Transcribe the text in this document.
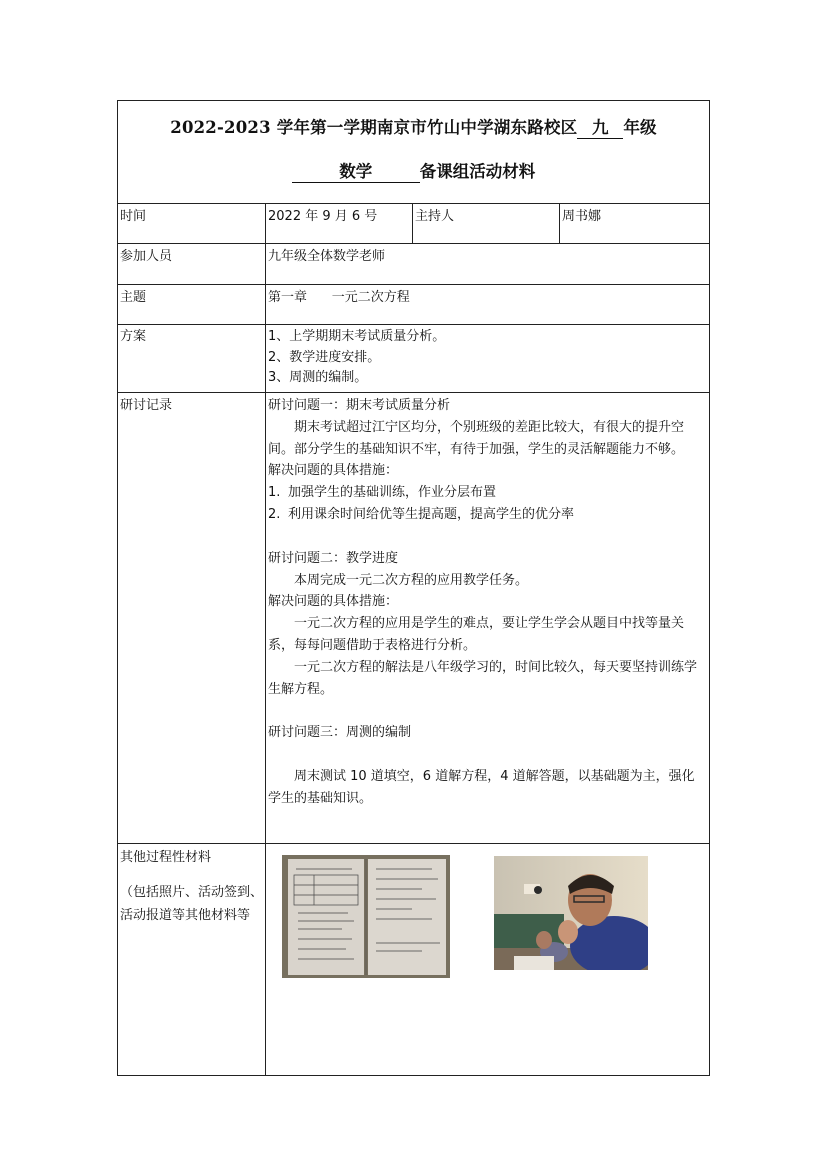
2022-2023 学年第一学期南京市竹山中学湖东路校区 九 年级
数学	备课组活动材料
时间	2022 年 9 月 6 号	主持人	周书娜
参加人员	九年级全体数学老师
主题	第一章      一元二次方程
方案	1、上学期期末考试质量分析。
2、教学进度安排。
3、周测的编制。
研讨记录	研讨问题一：期末考试质量分析
期末考试超过江宁区均分，个别班级的差距比较大，有很大的提升空间。部分学生的基础知识不牢，有待于加强，学生的灵活解题能力不够。
解决问题的具体措施：
1. 加强学生的基础训练，作业分层布置
2. 利用课余时间给优等生提高题，提高学生的优分率
研讨问题二：教学进度
本周完成一元二次方程的应用教学任务。
解决问题的具体措施：
一元二次方程的应用是学生的难点，要让学生学会从题目中找等量关系，每每问题借助于表格进行分析。
一元二次方程的解法是八年级学习的，时间比较久，每天要坚持训练学生解方程。
研讨问题三：周测的编制
周末测试 10 道填空，6 道解方程，4 道解答题，以基础题为主，强化学生的基础知识。
其他过程性材料
（包括照片、活动签到、活动报道等其他材料等
